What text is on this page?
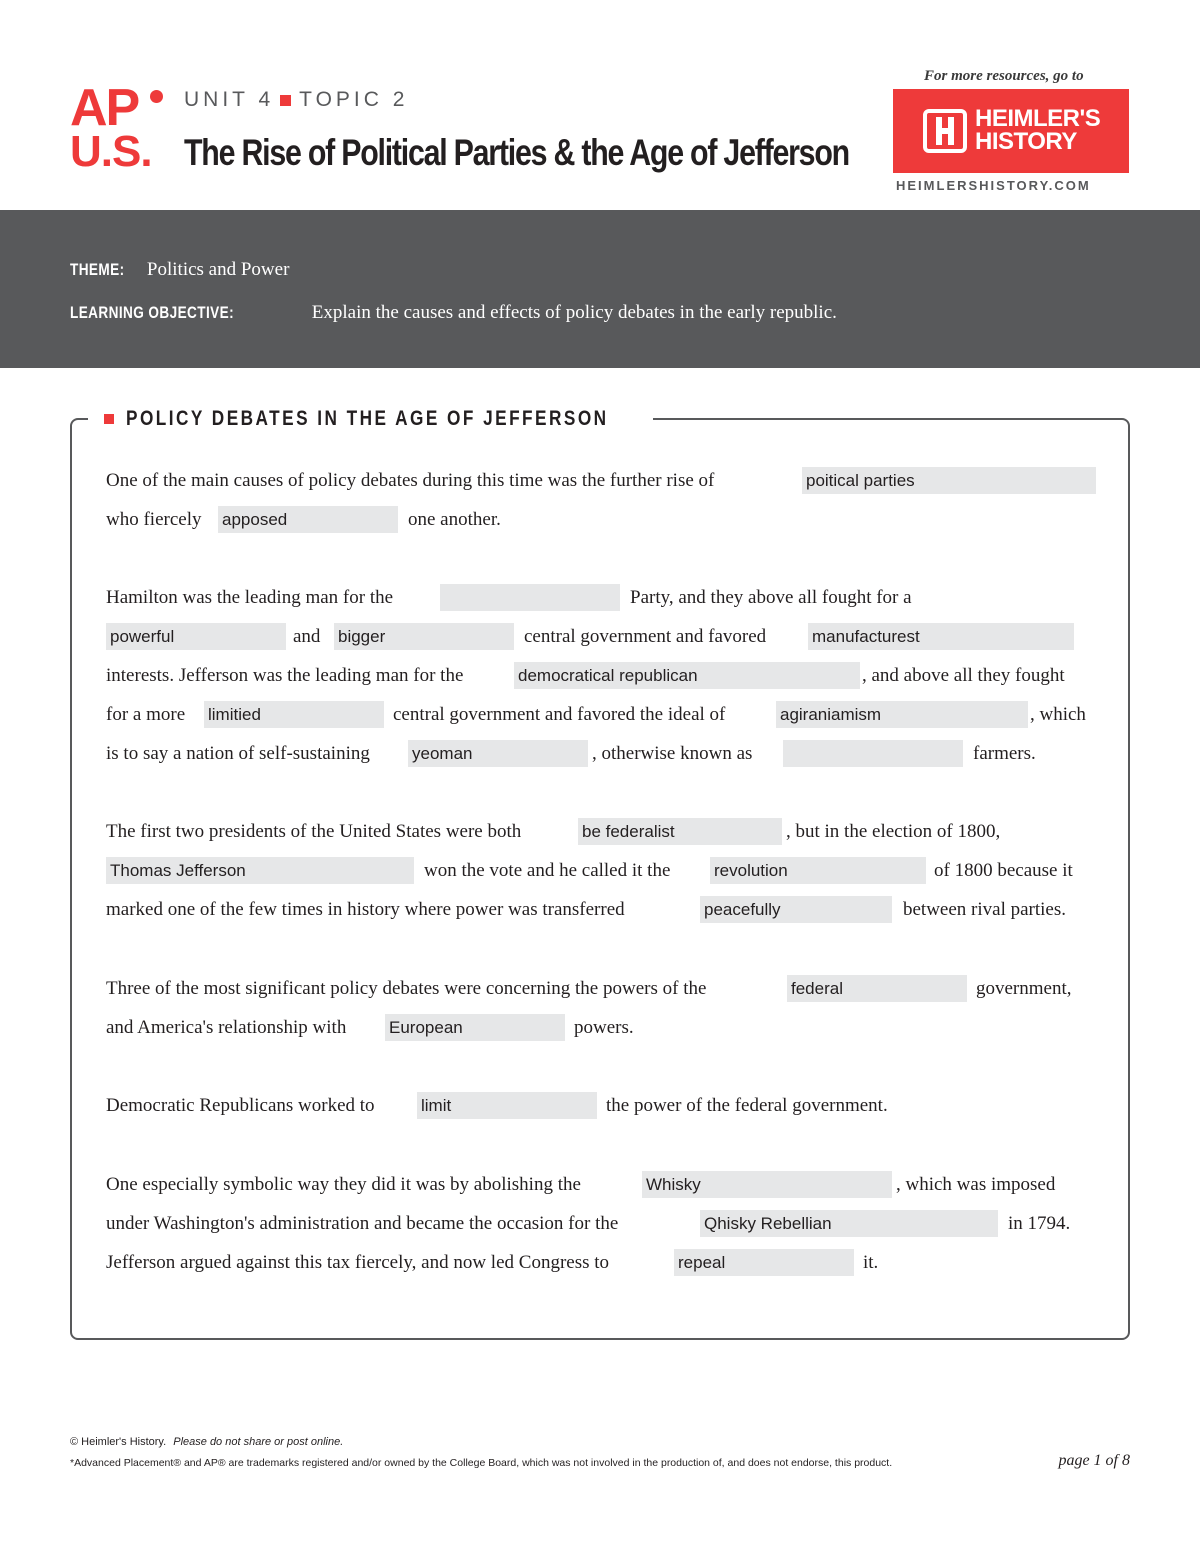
AP
U.S.
UNIT 4 TOPIC 2
The Rise of Political Parties & the Age of Jefferson
For more resources, go to
HEIMLER'S
HISTORY
HEIMLERSHISTORY.COM
THEME: Politics and Power
LEARNING OBJECTIVE:	Explain the causes and effects of policy debates in the early republic.
POLICY DEBATES IN THE AGE OF JEFFERSON
One of the main causes of policy debates during this time was the further rise of	poitical parties
who fiercely apposed	one another.
Hamilton was the leading man for the	Party, and they above all fought for a
powerful	and bigger	central government and favored	manufacturest
interests. Jefferson was the leading man for the	democratical republican	, and above all they fought
for a more limitied	central government and favored the ideal of	agiraniamism	, which
is to say a nation of self-sustaining yeoman	, otherwise known as	farmers.
The first two presidents of the United States were both	be federalist	, but in the election of 1800,
Thomas Jefferson	won the vote and he called it the	revolution	of 1800 because it
marked one of the few times in history where power was transferred	peacefully	between rival parties.
Three of the most significant policy debates were concerning the powers of the	federal	government,
and America's relationship with	European	powers.
Democratic Republicans worked to	limit	the power of the federal government.
One especially symbolic way they did it was by abolishing the	Whisky	, which was imposed
under Washington's administration and became the occasion for the	Qhisky Rebellian	in 1794.
Jefferson argued against this tax fiercely, and now led Congress to	repeal	it.
© Heimler's History. Please do not share or post online.
*Advanced Placement® and AP® are trademarks registered and/or owned by the College Board, which was not involved in the production of, and does not endorse, this product.	page 1 of 8
